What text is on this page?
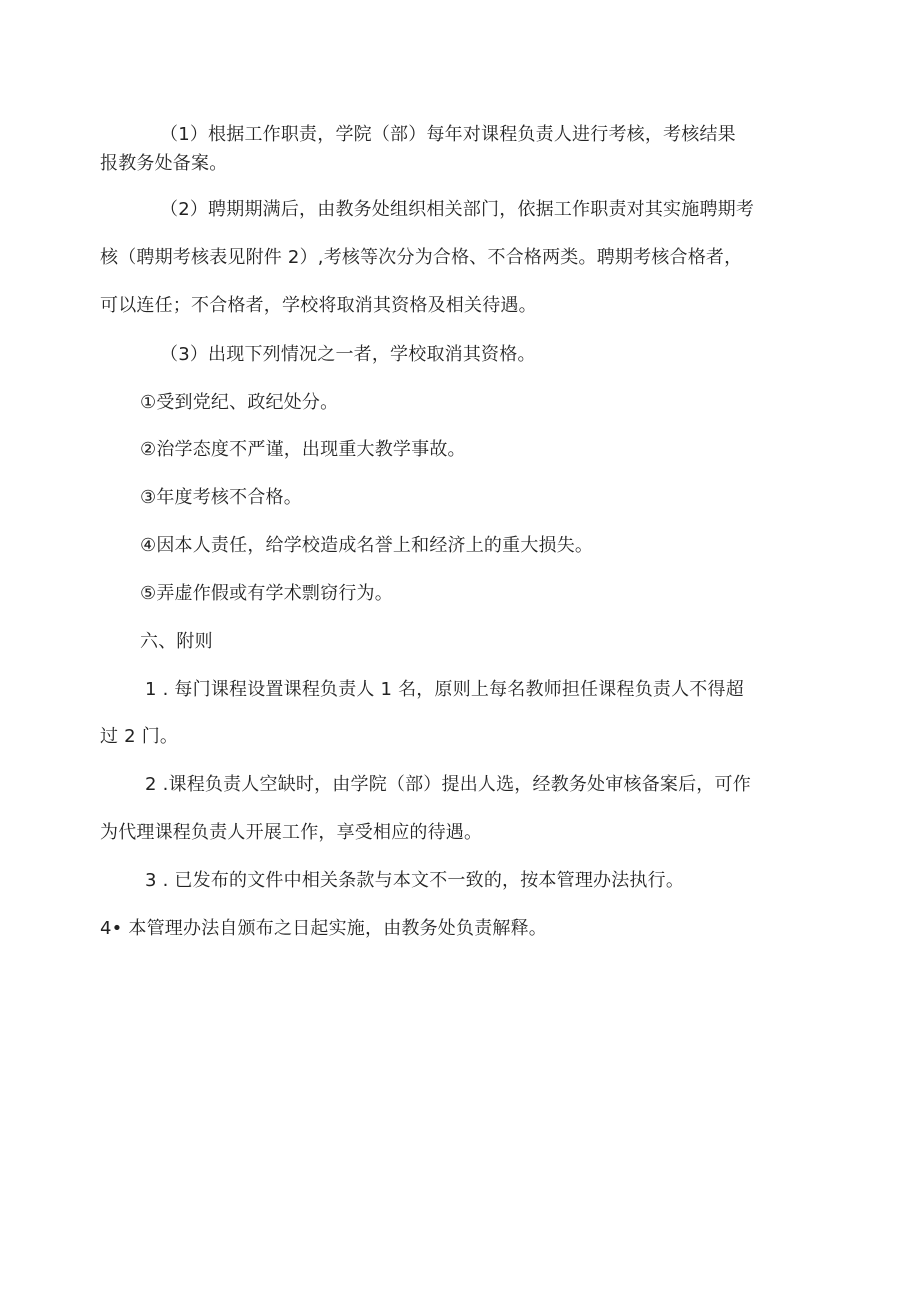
（1）根据工作职责，学院（部）每年对课程负责人进行考核，考核结果
报教务处备案。
（2）聘期期满后，由教务处组织相关部门，依据工作职责对其实施聘期考
核（聘期考核表见附件 2）,考核等次分为合格、不合格两类。聘期考核合格者，
可以连任；不合格者，学校将取消其资格及相关待遇。
（3）出现下列情况之一者，学校取消其资格。
①受到党纪、政纪处分。
②治学态度不严谨，出现重大教学事故。
③年度考核不合格。
④因本人责任，给学校造成名誉上和经济上的重大损失。
⑤弄虚作假或有学术剽窃行为。
六、附则
1 . 每门课程设置课程负责人 1 名，原则上每名教师担任课程负责人不得超
过 2 门。
2 .课程负责人空缺时，由学院（部）提出人选，经教务处审核备案后，可作
为代理课程负责人开展工作，享受相应的待遇。
3 . 已发布的文件中相关条款与本文不一致的，按本管理办法执行。
4• 本管理办法自颁布之日起实施，由教务处负责解释。
